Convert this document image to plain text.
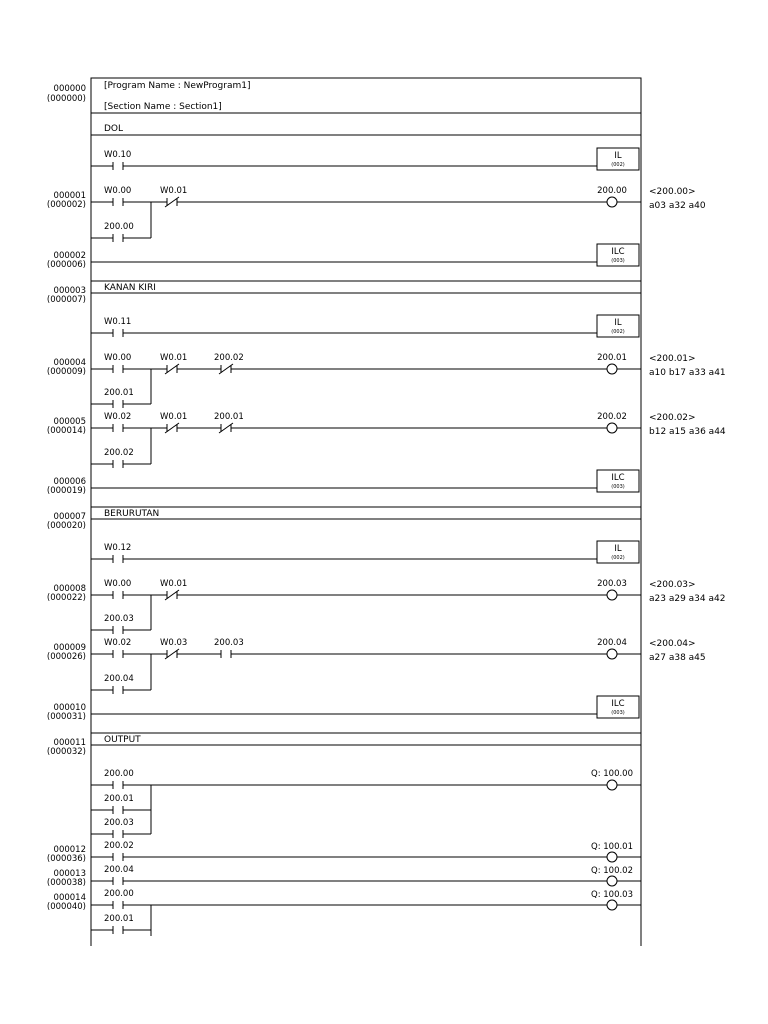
[Program Name : NewProgram1]
[Section Name : Section1]
DOL
KANAN KIRI
BERURUTAN
OUTPUT
000000
(000000)
000001
(000002)
000002
(000006)
000003
(000007)
000004
(000009)
000005
(000014)
000006
(000019)
000007
(000020)
000008
(000022)
000009
(000026)
000010
(000031)
000011
(000032)
000012
(000036)
000013
(000038)
000014
(000040)
W0.10	IL
(002)
W0.00	W0.01
200.00
200.00 <200.00>
a03 a32 a40
ILC
(003)
W0.11	IL
(002)
W0.00	W0.01	200.02
200.01
200.01 <200.01>
a10 b17 a33 a41
W0.02	W0.01	200.01
200.02
200.02 <200.02>
b12 a15 a36 a44
ILC
(003)
W0.12	IL
(002)
W0.00	W0.01
200.03
200.03 <200.03>
a23 a29 a34 a42
W0.02	W0.03	200.03
200.04
200.04 <200.04>
a27 a38 a45
ILC
(003)
200.00
200.01
200.03
Q: 100.00
200.02	Q: 100.01
200.04	Q: 100.02
200.00
200.01
Q: 100.03
